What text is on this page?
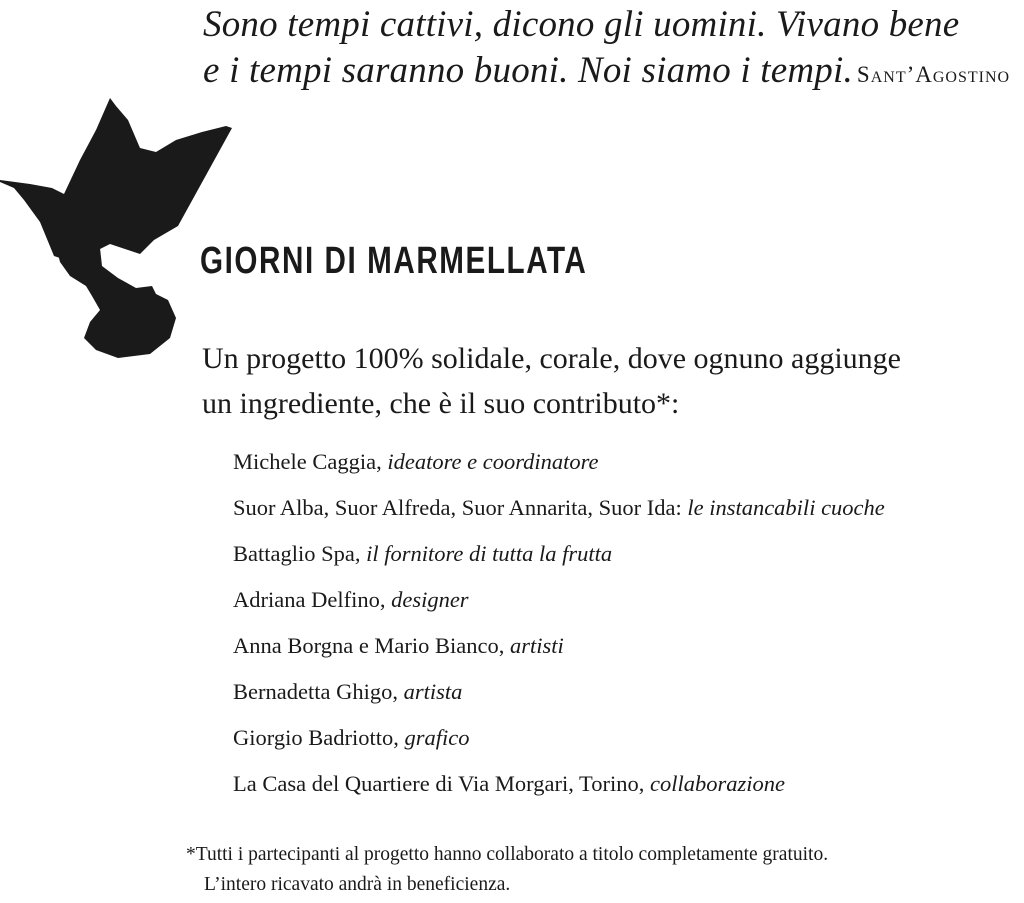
Sono tempi cattivi, dicono gli uomini. Vivano bene
e i tempi saranno buoni. Noi siamo i tempi. Sant’Agostino
GIORNI DI MARMELLATA
Un progetto 100% solidale, corale, dove ognuno aggiunge
un ingrediente, che è il suo contributo*:
Michele Caggia, ideatore e coordinatore
Suor Alba, Suor Alfreda, Suor Annarita, Suor Ida: le instancabili cuoche
Battaglio Spa, il fornitore di tutta la frutta
Adriana Delfino, designer
Anna Borgna e Mario Bianco, artisti
Bernadetta Ghigo, artista
Giorgio Badriotto, grafico
La Casa del Quartiere di Via Morgari, Torino, collaborazione
*Tutti i partecipanti al progetto hanno collaborato a titolo completamente gratuito.
L’intero ricavato andrà in beneficienza.
